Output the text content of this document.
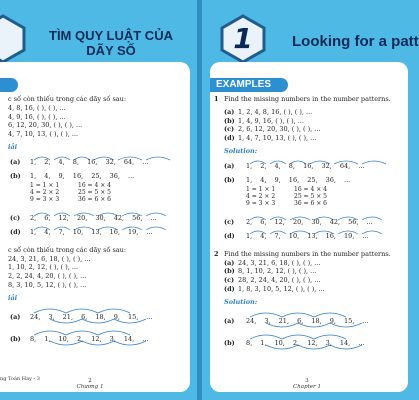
TÌM QUY LUẬT CỦA DÃY SỐ
c số còn thiếu trong các dãy số sau:
4, 8, 16, ( ), ( ), ...
4, 9, 16, ( ), ( ), ...
6, 12, 20, 30, ( ), ( ), ...
4, 7, 10, 13, ( ), ( ), ...
iải
(a) 1, 2, 4, 8, 16, 32, 64, ...
(b) 1, 4, 9, 16, 25, 36, ...
1 = 1 × 1
4 = 2 × 2
9 = 3 × 3
16 = 4 × 4
25 = 5 × 5
36 = 6 × 6
(c) 2, 6, 12, 20, 30, 42, 56, ...
(d) 1, 4, 7, 10, 13, 16, 19, ...
c số còn thiếu trong các dãy số sau:
24, 3, 21, 6, 18, ( ), ( ), ...
1, 10, 2, 12, ( ), ( ), ...
2, 2, 24, 4, 20, ( ), ( ), ...
8, 3, 10, 5, 12, ( ), ( ), ...
iải
(a) 24, 3, 21, 6, 18, 9, 15, ...
(b) 8, 1, 10, 2, 12, 3, 14, ...
ng Toán Hay - 3	2
Chương 1
1	Looking for a patt
EXAMPLES
1 Find the missing numbers in the number patterns.
(a) 1, 2, 4, 8, 16, ( ), ( ), ...
(b) 1, 4, 9, 16, ( ), ( ), ...
(c) 2, 6, 12, 20, 30, ( ), ( ), ...
(d) 1, 4, 7, 10, 13, ( ), ( ), ...
Solution:
(a) 1, 2, 4, 8, 16, 32, 64, ...
(b) 1, 4, 9, 16, 25, 36, ...
1 = 1 × 1
4 = 2 × 2
9 = 3 × 3
16 = 4 × 4
25 = 5 × 5
36 = 6 × 6
(c) 2, 6, 12, 20, 30, 42, 56, ...
(d) 1, 4, 7, 10, 13, 16, 19, ...
2 Find the missing numbers in the number patterns.
(a) 24, 3, 21, 6, 18, ( ), ( ), ...
(b) 8, 1, 10, 2, 12, ( ), ( ), ...
(c) 28, 2, 24, 4, 20, ( ), ( ), ...
(d) 1, 8, 3, 10, 5, 12, ( ), ( ), ...
Solution:
(a) 24, 3, 21, 6, 18, 9, 15, ...
(b) 8, 1, 10, 2, 12, 3, 14, ...
3
Chapter 1
